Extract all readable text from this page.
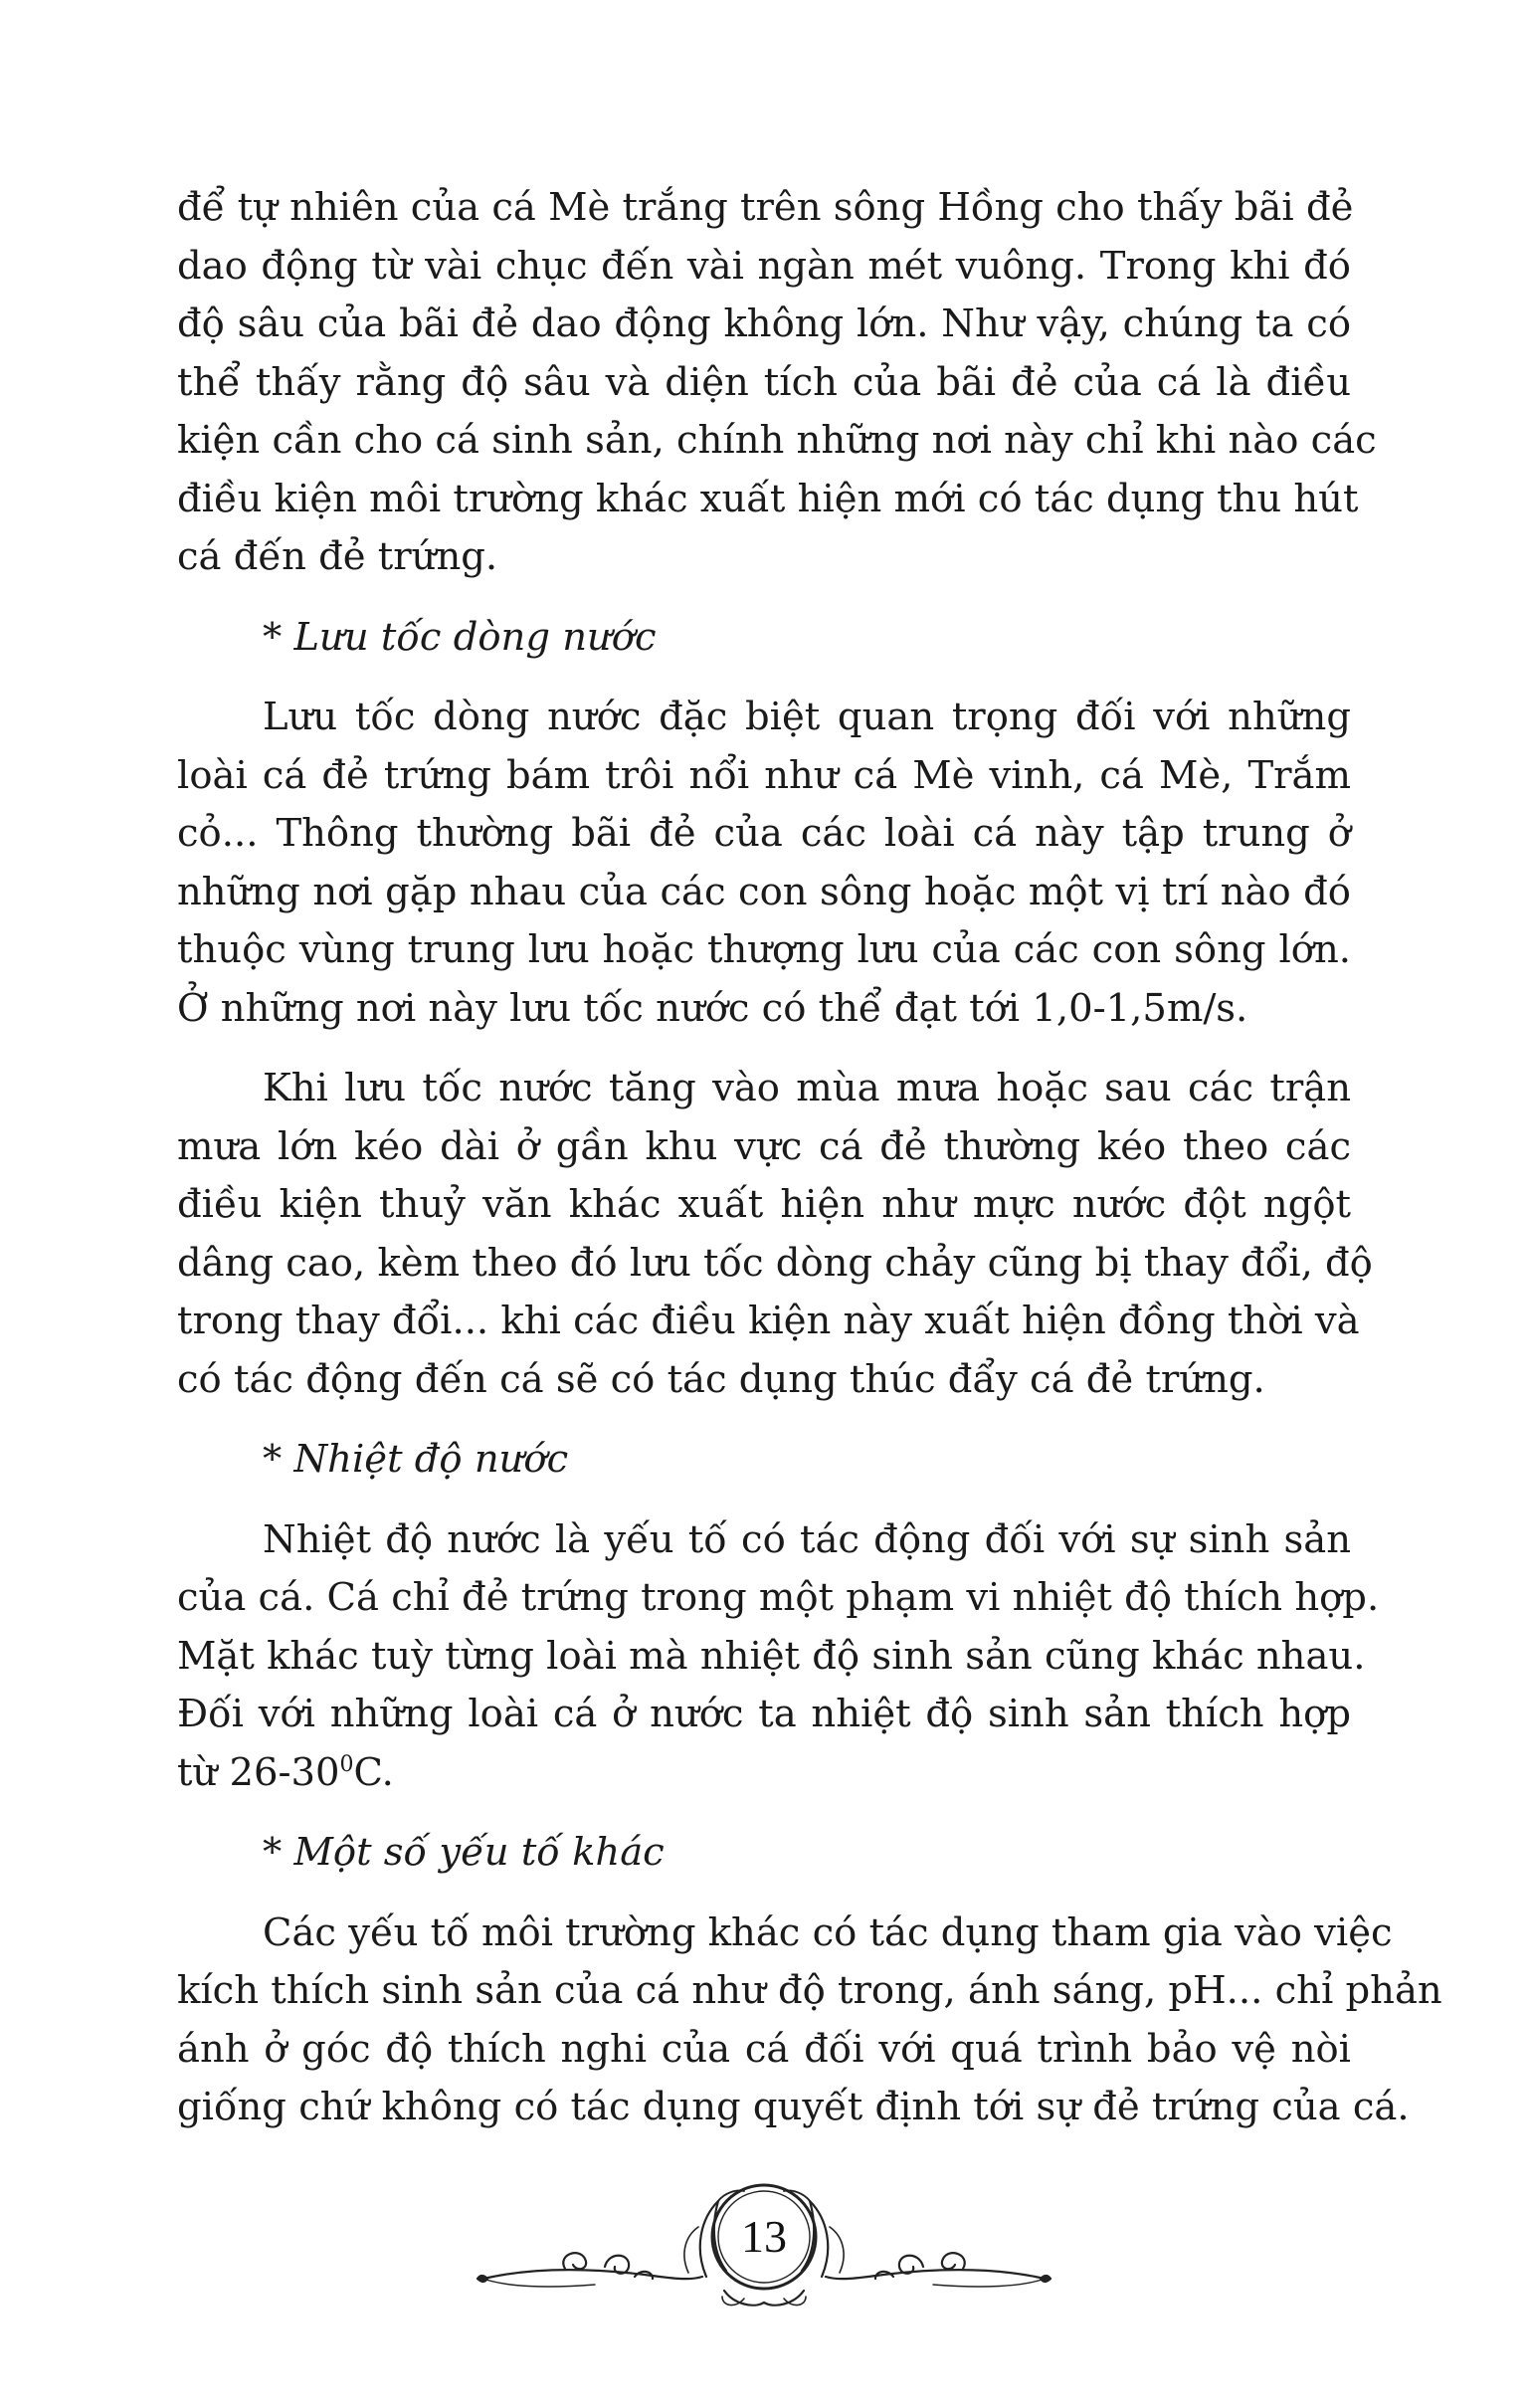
để tự nhiên của cá Mè trắng trên sông Hồng cho thấy bãi đẻ

dao động từ vài chục đến vài ngàn mét vuông. Trong khi đó

độ sâu của bãi đẻ dao động không lớn. Như vậy, chúng ta có

thể thấy rằng độ sâu và diện tích của bãi đẻ của cá là điều

kiện cần cho cá sinh sản, chính những nơi này chỉ khi nào các

điều kiện môi trường khác xuất hiện mới có tác dụng thu hút

cá đến đẻ trứng.

* Lưu tốc dòng nước

Lưu tốc dòng nước đặc biệt quan trọng đối với những

loài cá đẻ trứng bám trôi nổi như cá Mè vinh, cá Mè, Trắm

cỏ... Thông thường bãi đẻ của các loài cá này tập trung ở

những nơi gặp nhau của các con sông hoặc một vị trí nào đó

thuộc vùng trung lưu hoặc thượng lưu của các con sông lớn.

Ở những nơi này lưu tốc nước có thể đạt tới 1,0-1,5m/s.

Khi lưu tốc nước tăng vào mùa mưa hoặc sau các trận

mưa lớn kéo dài ở gần khu vực cá đẻ thường kéo theo các

điều kiện thuỷ văn khác xuất hiện như mực nước đột ngột

dâng cao, kèm theo đó lưu tốc dòng chảy cũng bị thay đổi, độ

trong thay đổi... khi các điều kiện này xuất hiện đồng thời và

có tác động đến cá sẽ có tác dụng thúc đẩy cá đẻ trứng.

* Nhiệt độ nước

Nhiệt độ nước là yếu tố có tác động đối với sự sinh sản

của cá. Cá chỉ đẻ trứng trong một phạm vi nhiệt độ thích hợp.

Mặt khác tuỳ từng loài mà nhiệt độ sinh sản cũng khác nhau.

Đối với những loài cá ở nước ta nhiệt độ sinh sản thích hợp

từ $26-30^0C$.

* Một số yếu tố khác

Các yếu tố môi trường khác có tác dụng tham gia vào việc

kích thích sinh sản của cá như độ trong, ánh sáng, pH... chỉ phản

ánh ở góc độ thích nghi của cá đối với quá trình bảo vệ nòi

giống chứ không có tác dụng quyết định tới sự đẻ trứng của cá.

13
